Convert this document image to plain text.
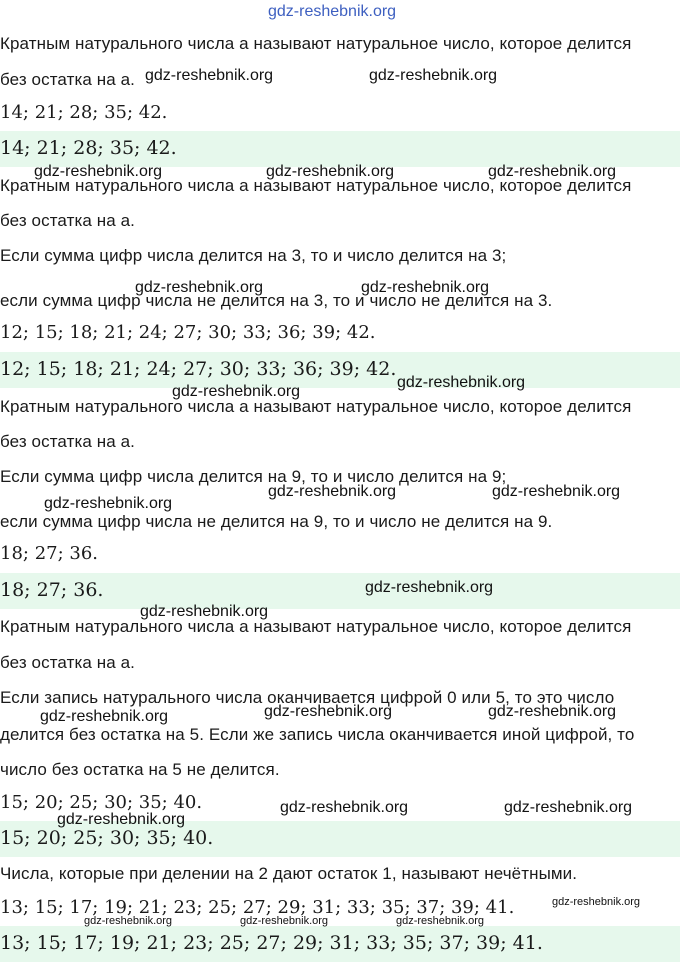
gdz-reshebnik.org
Кратным натурального числа a называют натуральное число, которое делится
без остатка на a.
14; 21; 28; 35; 42.
14; 21; 28; 35; 42.
Кратным натурального числа a называют натуральное число, которое делится
без остатка на a.
Если сумма цифр числа делится на 3, то и число делится на 3;
если сумма цифр числа не делится на 3, то и число не делится на 3.
12; 15; 18; 21; 24; 27; 30; 33; 36; 39; 42.
12; 15; 18; 21; 24; 27; 30; 33; 36; 39; 42.
Кратным натурального числа a называют натуральное число, которое делится
без остатка на a.
Если сумма цифр числа делится на 9, то и число делится на 9;
если сумма цифр числа не делится на 9, то и число не делится на 9.
18; 27; 36.
18; 27; 36.
Кратным натурального числа a называют натуральное число, которое делится
без остатка на a.
Если запись натурального числа оканчивается цифрой 0 или 5, то это число
делится без остатка на 5. Если же запись числа оканчивается иной цифрой, то
число без остатка на 5 не делится.
15; 20; 25; 30; 35; 40.
15; 20; 25; 30; 35; 40.
Числа, которые при делении на 2 дают остаток 1, называют нечётными.
13; 15; 17; 19; 21; 23; 25; 27; 29; 31; 33; 35; 37; 39; 41.
13; 15; 17; 19; 21; 23; 25; 27; 29; 31; 33; 35; 37; 39; 41.
gdz-reshebnik.org	gdz-reshebnik.org
gdz-reshebnik.org	gdz-reshebnik.org	gdz-reshebnik.org
gdz-reshebnik.org	gdz-reshebnik.org
gdz-reshebnik.org
gdz-reshebnik.org
gdz-reshebnik.org
gdz-reshebnik.org	gdz-reshebnik.org
gdz-reshebnik.org
gdz-reshebnik.org
gdz-reshebnik.org	gdz-reshebnik.org	gdz-reshebnik.org
gdz-reshebnik.org	gdz-reshebnik.org
gdz-reshebnik.org
gdz-reshebnik.org
gdz-reshebnik.org	gdz-reshebnik.org	gdz-reshebnik.org
